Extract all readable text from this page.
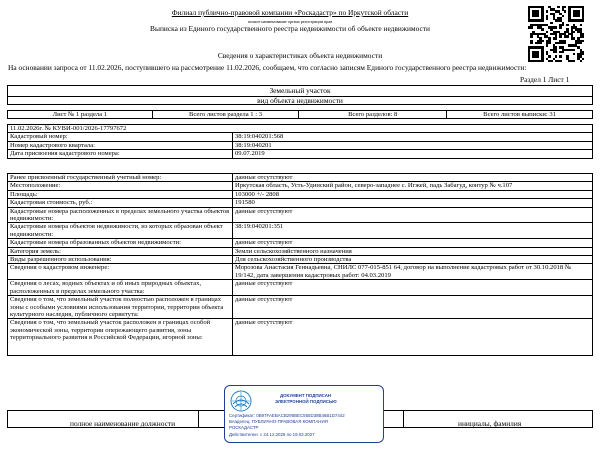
Филиал публично-правовой компании «Роскадастр» по Иркутской области
полное наименование органа регистрации прав
Выписка из Единого государственного реестра недвижимости об объекте недвижимости
Сведения о характеристиках объекта недвижимости
На основании запроса от 11.02.2026, поступившего на рассмотрение 11.02.2026, сообщаем, что согласно записям Единого государственного реестра недвижимости:
Раздел 1 Лист 1
Земельный участок
вид объекта недвижимости
Лист № 1 раздела 1	Всего листов раздела 1 : 3	Всего разделов: 8	Всего листов выписки: 31
11.02.2026г. № КУВИ-001/2026-17797672	
Кадастровый номер:	38:19:040201:568
Номер кадастрового квартала:	38:19:040201
Дата присвоения кадастрового номера:	09.07.2019
Ранее присвоенный государственный учетный номер:	данные отсутствуют
Местоположение:	Иркутская область, Усть-Удинский район, северо-западнее с. Игжей, падь Забагуд, контур № ч.107
Площадь:	103000 +/- 2808
Кадастровая стоимость, руб.:	191580
Кадастровые номера расположенных в пределах земельного участка объектов недвижимости:	данные отсутствуют
Кадастровые номера объектов недвижимости, из которых образован объект недвижимости:	38:19:040201:351
Кадастровые номера образованных объектов недвижимости:	данные отсутствуют
Категория земель:	Земли сельскохозяйственного назначения
Виды разрешенного использования:	Для сельскохозяйственного производства
Сведения о кадастровом инженере:	Морозова Анастасия Геннадьевна, СНИЛС 077-015-851 64, договор на выполнение кадастровых работ от 30.10.2018 № 19/142, дата завершения кадастровых работ: 04.03.2019
Сведения о лесах, водных объектах и об иных природных объектах, расположенных в пределах земельного участка:	данные отсутствуют
Сведения о том, что земельный участок полностью расположен в границах зоны с особыми условиями использования территории, территории объекта культурного наследия, публичного сервитута:	данные отсутствуют
Сведения о том, что земельный участок расположен в границах особой экономической зоны, территории опережающего развития, зоны территориального развития в Российской Федерации, игорной зоны:	данные отсутствуют
полное наименование должности	инициалы, фамилия
ДОКУМЕНТ ПОДПИСАН
ЭЛЕКТРОННОЙ ПОДПИСЬЮ
Сертификат: 0B97FAEBACB290BEC555D38B46B1D7442
Владелец: ПУБЛИЧНО-ПРАВОВАЯ КОМПАНИЯ
РОСКАДАСТР
Действителен: с 24.12.2025 по 19.03.2027
